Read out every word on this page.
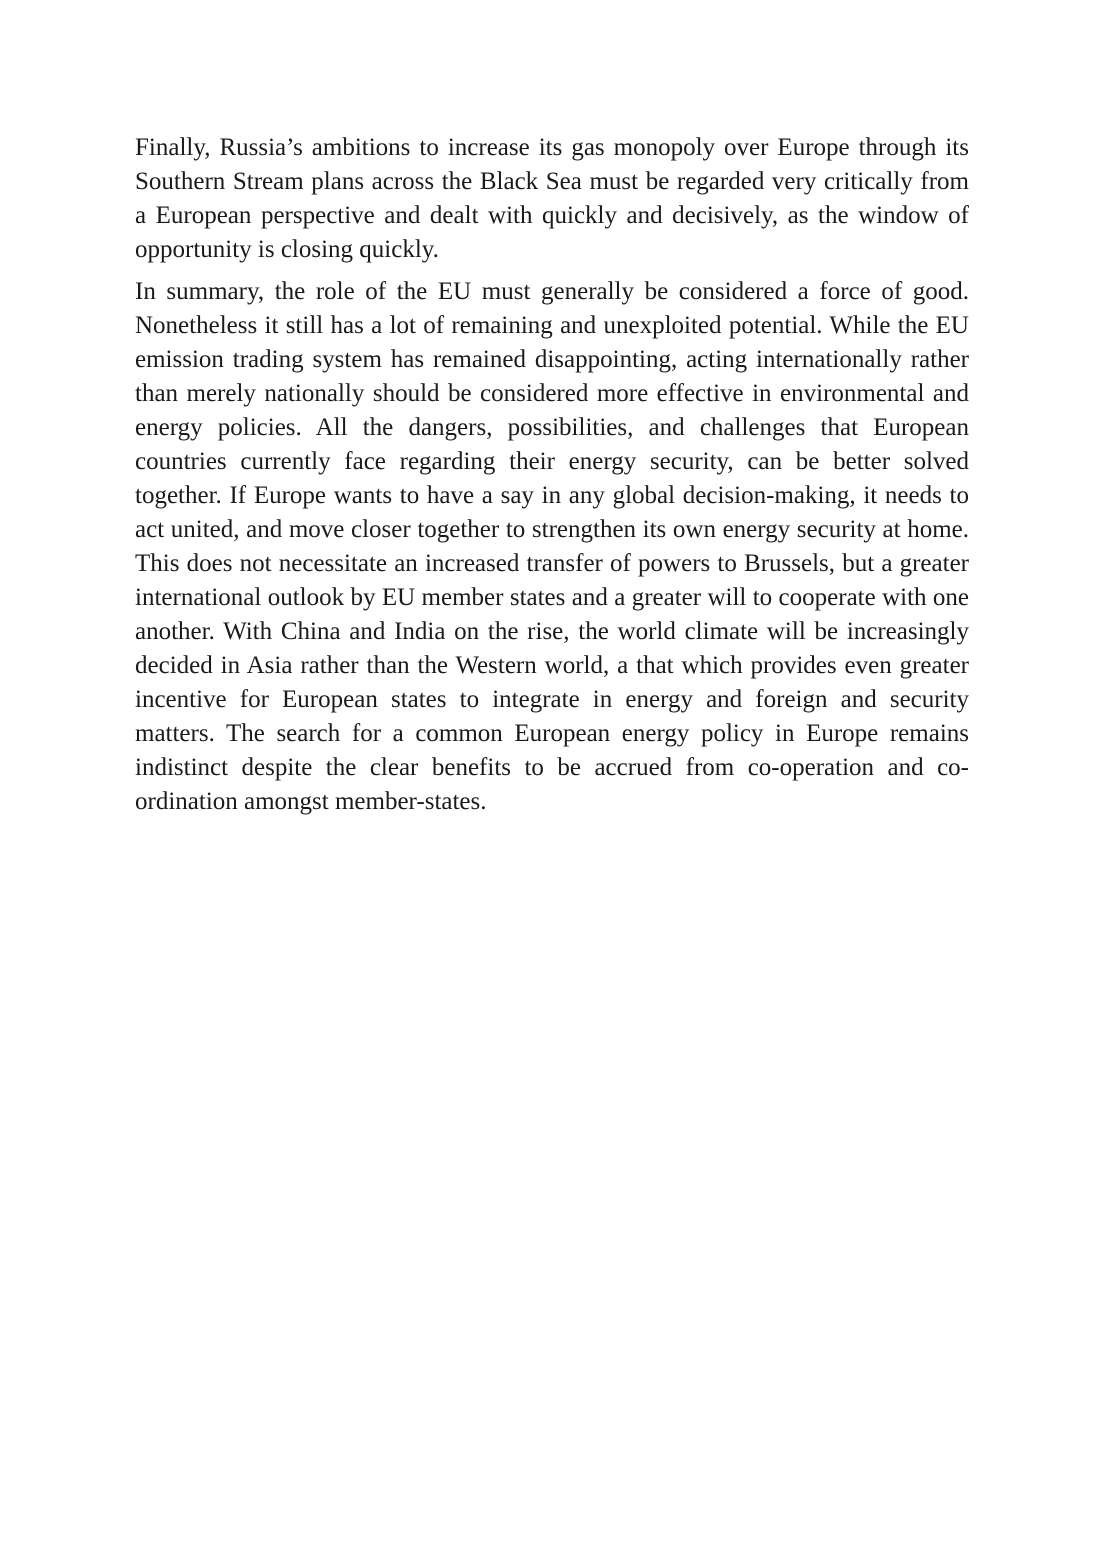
Finally, Russia’s ambitions to increase its gas monopoly over Europe through its Southern Stream plans across the Black Sea must be regarded very critically from a European perspective and dealt with quickly and decisively, as the window of opportunity is closing quickly.

In summary, the role of the EU must generally be considered a force of good. Nonetheless it still has a lot of remaining and unexploited potential. While the EU emission trading system has remained disappointing, acting internationally rather than merely nationally should be considered more effective in environmental and energy policies. All the dangers, possibilities, and challenges that European countries currently face regarding their energy security, can be better solved together. If Europe wants to have a say in any global decision-making, it needs to act united, and move closer together to strengthen its own energy security at home. This does not necessitate an increased transfer of powers to Brussels, but a greater international outlook by EU member states and a greater will to cooperate with one another. With China and India on the rise, the world climate will be increasingly decided in Asia rather than the Western world, a that which provides even greater incentive for European states to integrate in energy and foreign and security matters. The search for a common European energy policy in Europe remains indistinct despite the clear benefits to be accrued from co-operation and co-ordination amongst member-states.
